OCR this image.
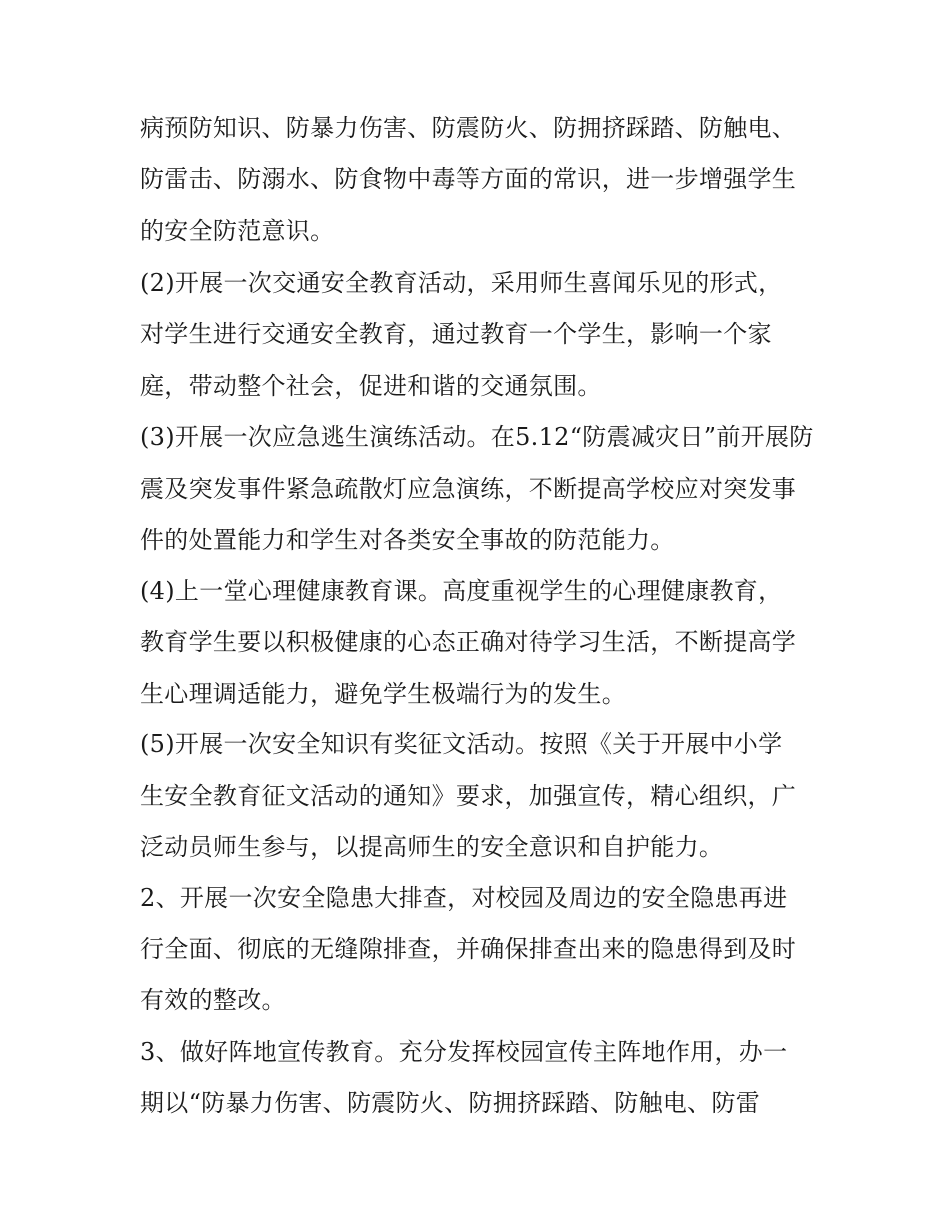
病预防知识、防暴力伤害、防震防火、防拥挤踩踏、防触电、
防雷击、防溺水、防食物中毒等方面的常识，进一步增强学生
的安全防范意识。
(2)开展一次交通安全教育活动，采用师生喜闻乐见的形式，
对学生进行交通安全教育，通过教育一个学生，影响一个家
庭，带动整个社会，促进和谐的交通氛围。
(3)开展一次应急逃生演练活动。在5.12“防震减灾日”前开展防
震及突发事件紧急疏散灯应急演练，不断提高学校应对突发事
件的处置能力和学生对各类安全事故的防范能力。
(4)上一堂心理健康教育课。高度重视学生的心理健康教育，
教育学生要以积极健康的心态正确对待学习生活，不断提高学
生心理调适能力，避免学生极端行为的发生。
(5)开展一次安全知识有奖征文活动。按照《关于开展中小学
生安全教育征文活动的通知》要求，加强宣传，精心组织，广
泛动员师生参与，以提高师生的安全意识和自护能力。
2、开展一次安全隐患大排查，对校园及周边的安全隐患再进
行全面、彻底的无缝隙排查，并确保排查出来的隐患得到及时
有效的整改。
3、做好阵地宣传教育。充分发挥校园宣传主阵地作用，办一
期以“防暴力伤害、防震防火、防拥挤踩踏、防触电、防雷
